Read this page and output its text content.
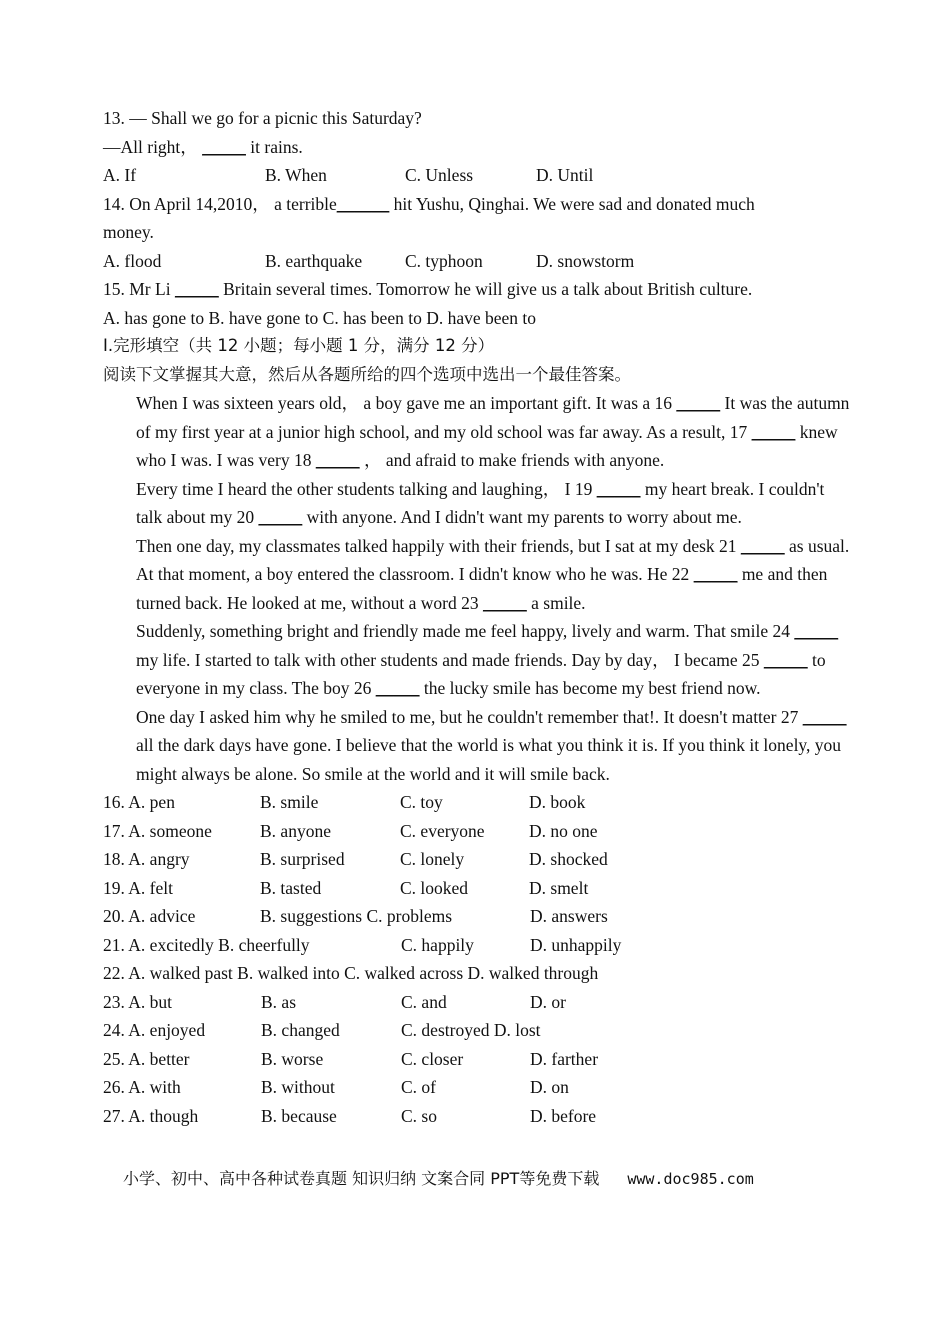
13. — Shall we go for a picnic this Saturday?
—All right， _____ it rains.
A. If	B. When	C. Unless	D. Until
14. On April 14,2010， a terrible______ hit Yushu, Qinghai. We were sad and donated much
money.
A. flood	B. earthquake C. typhoon	D. snowstorm
15. Mr Li _____ Britain several times. Tomorrow he will give us a talk about British culture.
A. has gone to B. have gone to C. has been to D. have been to
I.完形填空（共 12 小题；每小题 1 分，满分 12 分）
阅读下文掌握其大意，然后从各题所给的四个选项中选出一个最佳答案。

When I was sixteen years old， a boy gave me an important gift. It was a 16 _____ It was the autumn of my first year at a junior high school, and my old school was far away. As a result, 17 _____ knew who I was. I was very 18 _____ ， and afraid to make friends with anyone.

Every time I heard the other students talking and laughing， I 19 _____ my heart break. I couldn't talk about my 20 _____ with anyone. And I didn't want my parents to worry about me.

Then one day, my classmates talked happily with their friends, but I sat at my desk 21 _____ as usual. At that moment, a boy entered the classroom. I didn't know who he was. He 22 _____ me and then turned back. He looked at me, without a word 23 _____ a smile.

Suddenly, something bright and friendly made me feel happy, lively and warm. That smile 24 _____ my life. I started to talk with other students and made friends. Day by day， I became 25 _____ to everyone in my class. The boy 26 _____ the lucky smile has become my best friend now.

One day I asked him why he smiled to me, but he couldn't remember that!. It doesn't matter 27 _____ all the dark days have gone. I believe that the world is what you think it is. If you think it lonely, you might always be alone. So smile at the world and it will smile back.

16. A. pen	B. smile	C. toy	D. book
17. A. someone	B. anyone	C. everyone	D. no one
18. A. angry	B. surprised	C. lonely	D. shocked
19. A. felt	B. tasted	C. looked	D. smelt
20. A. advice	B. suggestions C. problems	D. answers
21. A. excitedly B. cheerfully	C. happily	D. unhappily
22. A. walked past B. walked into C. walked across D. walked through
23. A. but	B. as	C. and	D. or
24. A. enjoyed	B. changed	C. destroyed D. lost
25. A. better	B. worse	C. closer	D. farther
26. A. with	B. without	C. of	D. on
27. A. though	B. because	C. so	D. before
小学、初中、高中各种试卷真题 知识归纳 文案合同 PPT等免费下载 www.doc985.com
